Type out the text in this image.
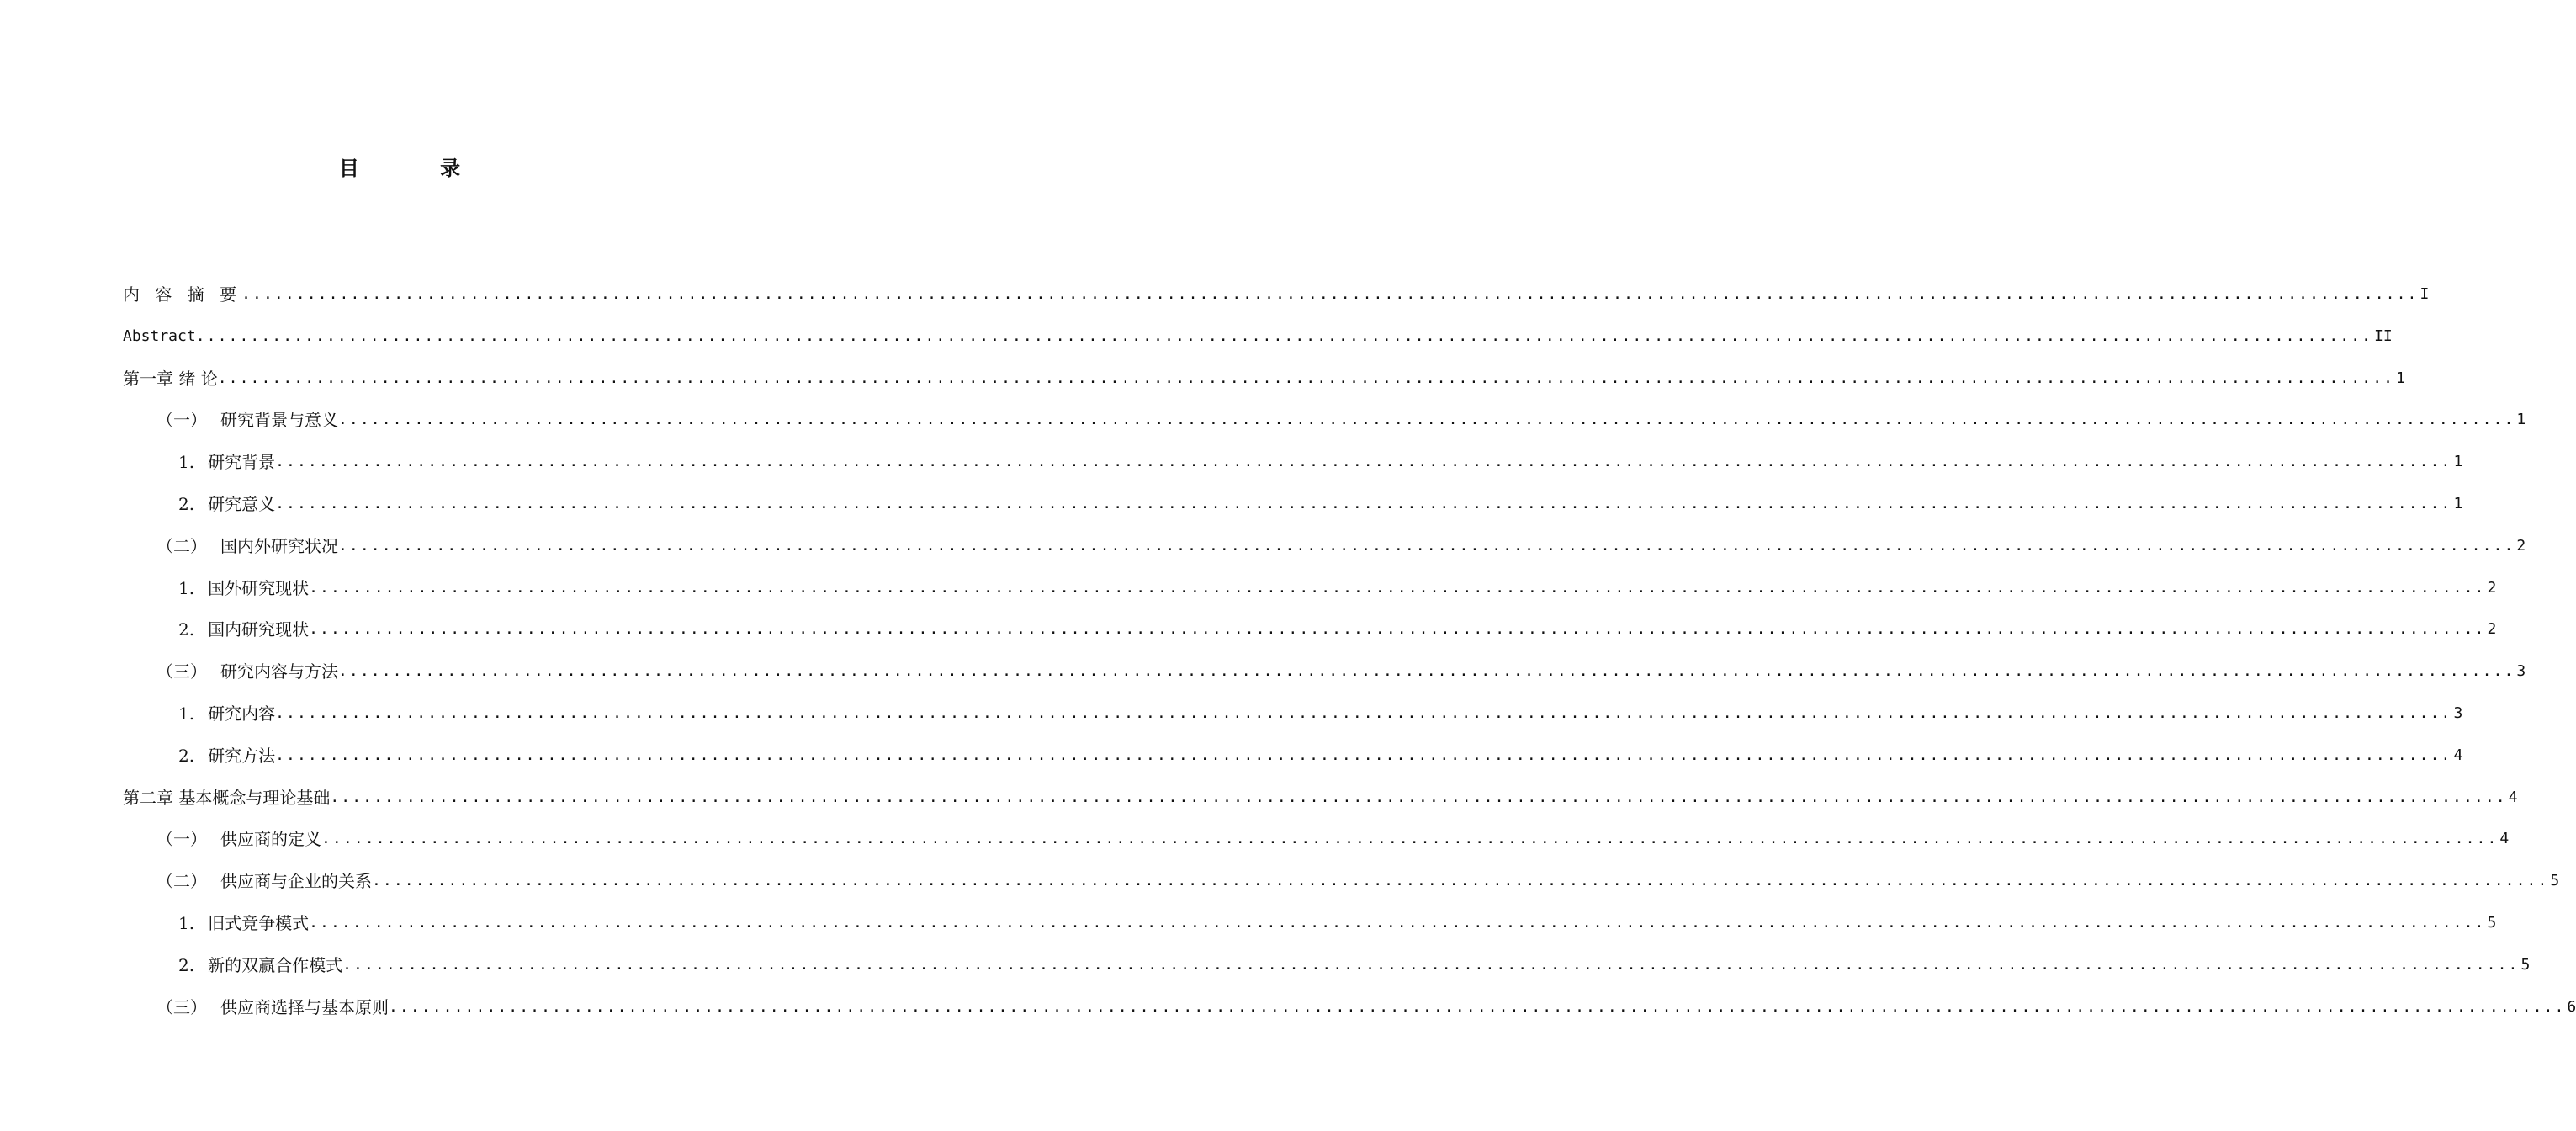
目 录
内 容 摘 要 ........................................................................................................................................................................................................ I
Abstract ........................................................................................................................................................................................................ II
第一章 绪 论 ........................................................................................................................................................................................................ 1
（一） 研究背景与意义 ........................................................................................................................................................................................................ 1
1. 研究背景 ........................................................................................................................................................................................................ 1
2. 研究意义 ........................................................................................................................................................................................................ 1
（二） 国内外研究状况 ........................................................................................................................................................................................................ 2
1. 国外研究现状 ........................................................................................................................................................................................................ 2
2. 国内研究现状 ........................................................................................................................................................................................................ 2
（三） 研究内容与方法 ........................................................................................................................................................................................................ 3
1. 研究内容 ........................................................................................................................................................................................................ 3
2. 研究方法 ........................................................................................................................................................................................................ 4
第二章 基本概念与理论基础 ........................................................................................................................................................................................................ 4
（一） 供应商的定义 ........................................................................................................................................................................................................ 4
（二） 供应商与企业的关系 ........................................................................................................................................................................................................ 5
1. 旧式竞争模式 ........................................................................................................................................................................................................ 5
2. 新的双赢合作模式 ........................................................................................................................................................................................................ 5
（三） 供应商选择与基本原则 ........................................................................................................................................................................................................ 6
